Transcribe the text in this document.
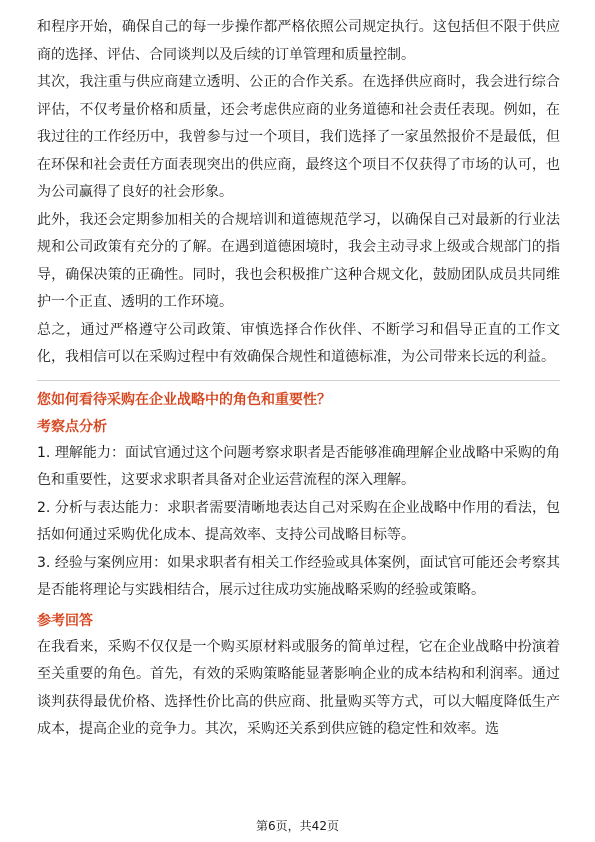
和程序开始，确保自己的每一步操作都严格依照公司规定执行。这包括但不限于供应商的选择、评估、合同谈判以及后续的订单管理和质量控制。

其次，我注重与供应商建立透明、公正的合作关系。在选择供应商时，我会进行综合评估，不仅考量价格和质量，还会考虑供应商的业务道德和社会责任表现。例如，在我过往的工作经历中，我曾参与过一个项目，我们选择了一家虽然报价不是最低，但在环保和社会责任方面表现突出的供应商，最终这个项目不仅获得了市场的认可，也为公司赢得了良好的社会形象。

此外，我还会定期参加相关的合规培训和道德规范学习，以确保自己对最新的行业法规和公司政策有充分的了解。在遇到道德困境时，我会主动寻求上级或合规部门的指导，确保决策的正确性。同时，我也会积极推广这种合规文化，鼓励团队成员共同维护一个正直、透明的工作环境。

总之，通过严格遵守公司政策、审慎选择合作伙伴、不断学习和倡导正直的工作文化，我相信可以在采购过程中有效确保合规性和道德标准，为公司带来长远的利益。

您如何看待采购在企业战略中的角色和重要性？
考察点分析

1. 理解能力：面试官通过这个问题考察求职者是否能够准确理解企业战略中采购的角色和重要性，这要求求职者具备对企业运营流程的深入理解。

2. 分析与表达能力：求职者需要清晰地表达自己对采购在企业战略中作用的看法，包括如何通过采购优化成本、提高效率、支持公司战略目标等。

3. 经验与案例应用：如果求职者有相关工作经验或具体案例，面试官可能还会考察其是否能将理论与实践相结合，展示过往成功实施战略采购的经验或策略。

参考回答

在我看来，采购不仅仅是一个购买原材料或服务的简单过程，它在企业战略中扮演着至关重要的角色。首先，有效的采购策略能显著影响企业的成本结构和利润率。通过谈判获得最优价格、选择性价比高的供应商、批量购买等方式，可以大幅度降低生产成本，提高企业的竞争力。其次，采购还关系到供应链的稳定性和效率。选

第6页，共42页
